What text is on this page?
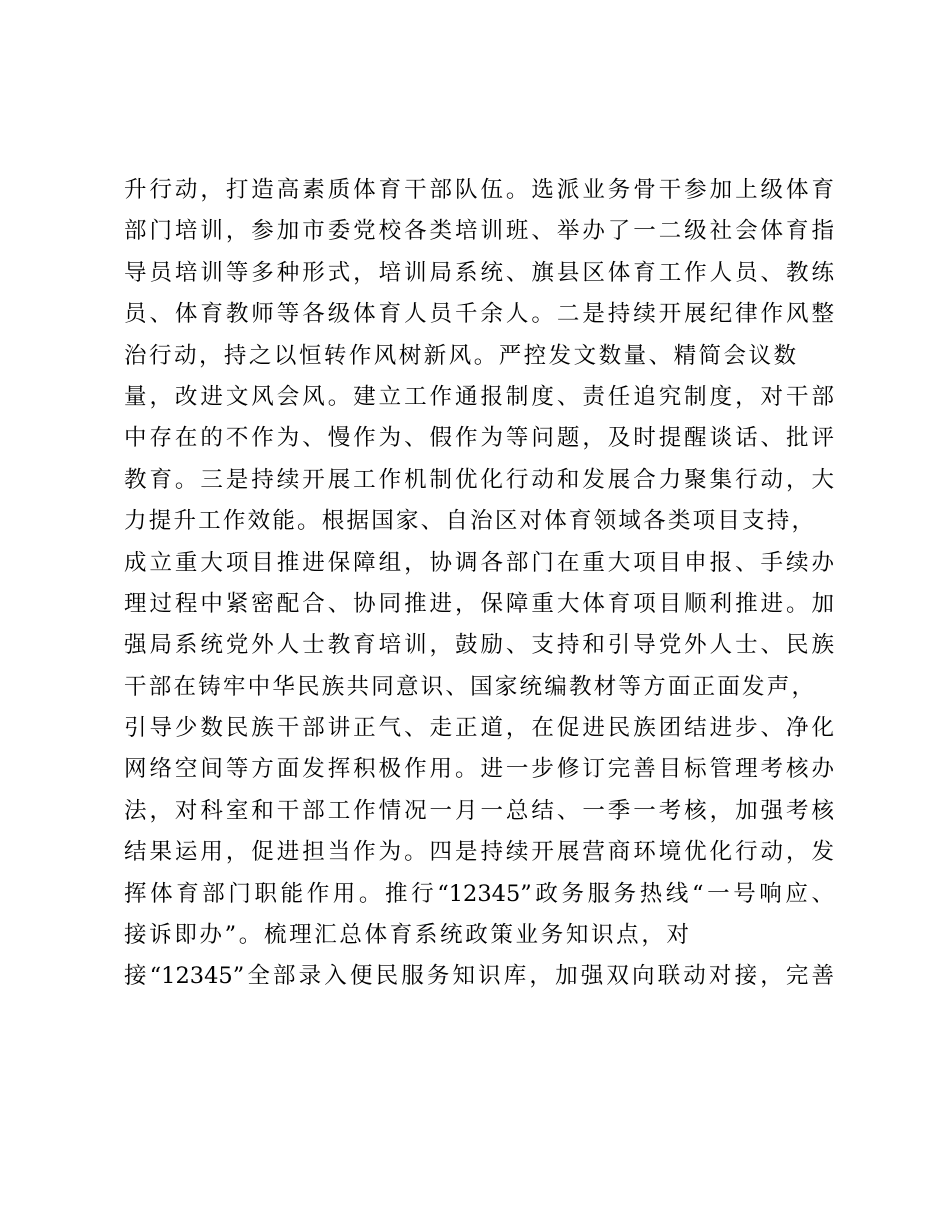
升行动，打造高素质体育干部队伍。选派业务骨干参加上级体育
部门培训，参加市委党校各类培训班、举办了一二级社会体育指
导员培训等多种形式，培训局系统、旗县区体育工作人员、教练
员、体育教师等各级体育人员千余人。二是持续开展纪律作风整
治行动，持之以恒转作风树新风。严控发文数量、精简会议数
量，改进文风会风。建立工作通报制度、责任追究制度，对干部
中存在的不作为、慢作为、假作为等问题，及时提醒谈话、批评
教育。三是持续开展工作机制优化行动和发展合力聚集行动，大
力提升工作效能。根据国家、自治区对体育领域各类项目支持，
成立重大项目推进保障组，协调各部门在重大项目申报、手续办
理过程中紧密配合、协同推进，保障重大体育项目顺利推进。加
强局系统党外人士教育培训，鼓励、支持和引导党外人士、民族
干部在铸牢中华民族共同意识、国家统编教材等方面正面发声，
引导少数民族干部讲正气、走正道，在促进民族团结进步、净化
网络空间等方面发挥积极作用。进一步修订完善目标管理考核办
法，对科室和干部工作情况一月一总结、一季一考核，加强考核
结果运用，促进担当作为。四是持续开展营商环境优化行动，发
挥体育部门职能作用。推行“12345”政务服务热线“一号响应、
接诉即办”。梳理汇总体育系统政策业务知识点，对
接“12345”全部录入便民服务知识库，加强双向联动对接，完善
